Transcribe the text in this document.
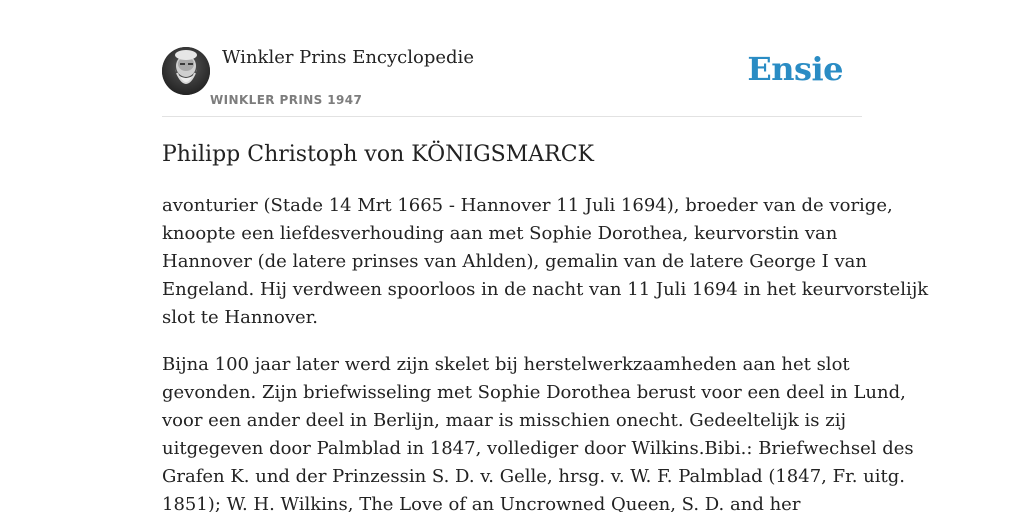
Winkler Prins Encyclopedie
WINKLER PRINS 1947
Ensie
Philipp Christoph von KÖNIGSMARCK

avonturier (Stade 14 Mrt 1665 - Hannover 11 Juli 1694), broeder van de vorige,
knoopte een liefdesverhouding aan met Sophie Dorothea, keurvorstin van
Hannover (de latere prinses van Ahlden), gemalin van de latere George I van
Engeland. Hij verdween spoorloos in de nacht van 11 Juli 1694 in het keurvorstelijk
slot te Hannover.

Bijna 100 jaar later werd zijn skelet bij herstelwerkzaamheden aan het slot
gevonden. Zijn briefwisseling met Sophie Dorothea berust voor een deel in Lund,
voor een ander deel in Berlijn, maar is misschien onecht. Gedeeltelijk is zij
uitgegeven door Palmblad in 1847, vollediger door Wilkins.Bibi.: Briefwechsel des
Grafen K. und der Prinzessin S. D. v. Gelle, hrsg. v. W. F. Palmblad (1847, Fr. uitg.
1851); W. H. Wilkins, The Love of an Uncrowned Queen, S. D. and her
